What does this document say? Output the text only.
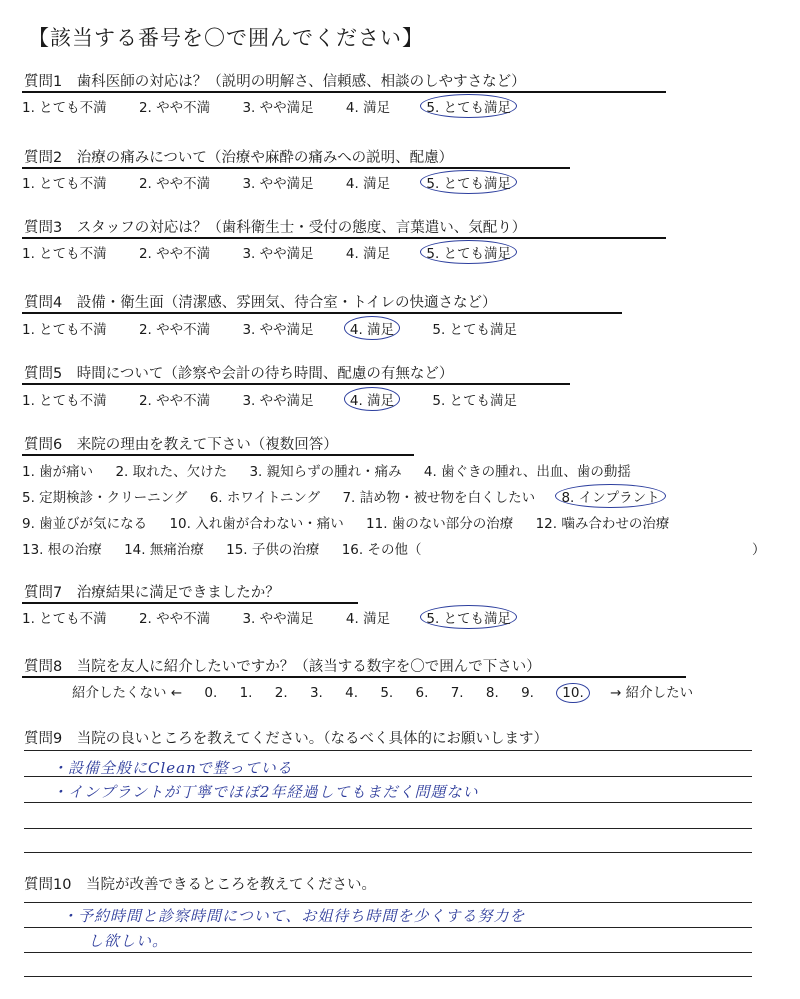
【該当する番号を〇で囲んでください】
質問1　歯科医師の対応は？（説明の明解さ、信頼感、相談のしやすさなど）
1. とても不満 2. やや不満 3. やや満足 4. 満足	5. とても満足
質問2　治療の痛みについて（治療や麻酔の痛みへの説明、配慮）
1. とても不満 2. やや不満 3. やや満足 4. 満足	5. とても満足
質問3　スタッフの対応は？（歯科衛生士・受付の態度、言葉遣い、気配り）
1. とても不満 2. やや不満 3. やや満足 4. 満足	5. とても満足
質問4　設備・衛生面（清潔感、雰囲気、待合室・トイレの快適さなど）
1. とても不満 2. やや不満 3. やや満足	4. 満足	5. とても満足
質問5　時間について（診察や会計の待ち時間、配慮の有無など）
1. とても不満 2. やや不満 3. やや満足	4. 満足	5. とても満足
質問6　来院の理由を教えて下さい（複数回答）
1. 歯が痛い 2. 取れた、欠けた 3. 親知らずの腫れ・痛み 4. 歯ぐきの腫れ、出血、歯の動揺
5. 定期検診・クリーニング 6. ホワイトニング 7. 詰め物・被せ物を白くしたい 8. インプラント
9. 歯並びが気になる 10. 入れ歯が合わない・痛い 11. 歯のない部分の治療 12. 噛み合わせの治療
13. 根の治療 14. 無痛治療 15. 子供の治療 16. その他（	）
質問7　治療結果に満足できましたか？
1. とても不満 2. やや不満 3. やや満足 4. 満足	5. とても満足
質問8　当院を友人に紹介したいですか？（該当する数字を〇で囲んで下さい）
紹介したくない ← 0. 1. 2. 3. 4. 5. 6. 7. 8. 9. 10. → 紹介したい
質問9　当院の良いところを教えてください。（なるべく具体的にお願いします）
・設備全般にCleanで整っている
・インプラントが丁寧でほぼ2年経過してもまだく問題ない
質問10　当院が改善できるところを教えてください。
・予約時間と診察時間について、お姐待ち時間を少くする努力を
し欲しい。
